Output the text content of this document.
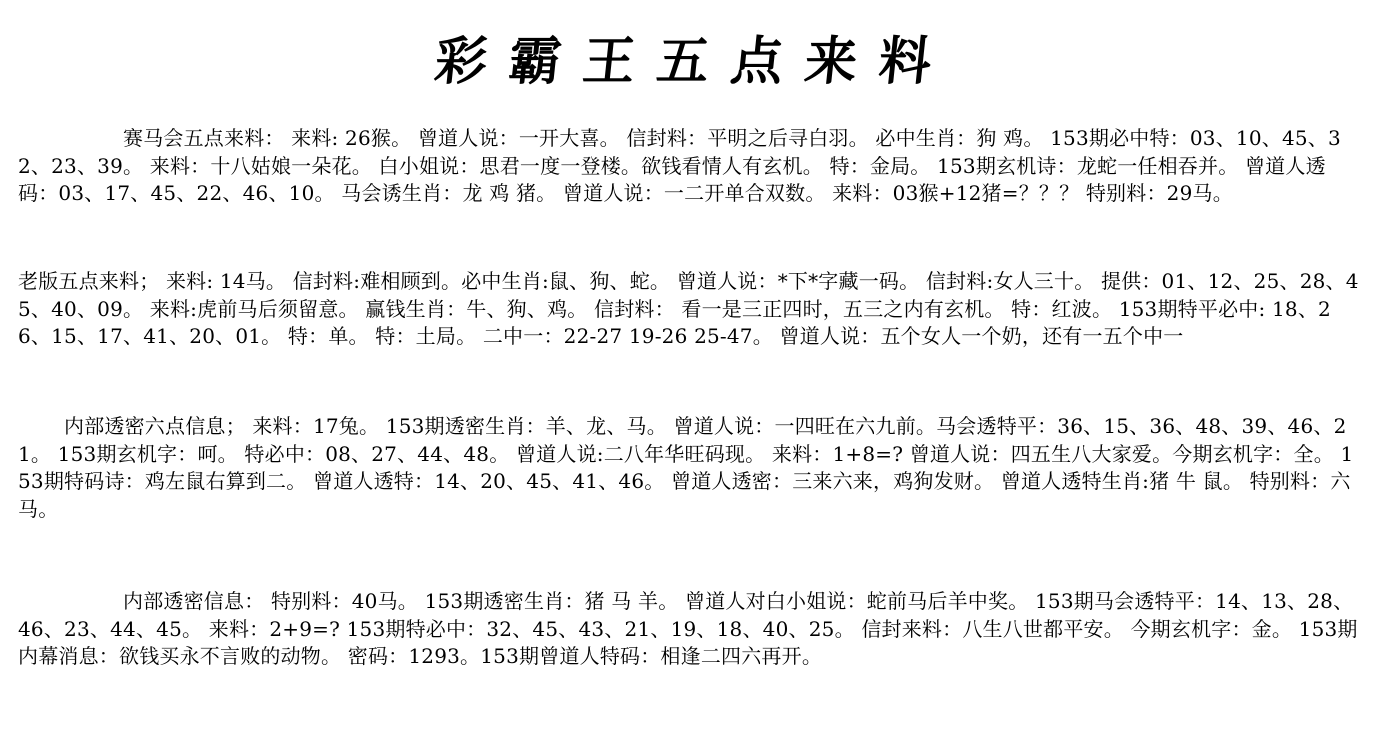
彩霸王五点来料
赛马会五点来料： 来料: 26猴。 曾道人说：一开大喜。 信封料：平明之后寻白羽。 必中生肖：狗 鸡。 153期必中特：03、10、45、32、23、39。 来料：十八姑娘一朵花。 白小姐说：思君一度一登楼。欲钱看情人有玄机。 特：金局。 153期玄机诗：龙蛇一任相吞并。 曾道人透码：03、17、45、22、46、10。 马会诱生肖：龙 鸡 猪。 曾道人说：一二开单合双数。 来料：03猴+12猪=？？？ 特别料：29马。
老版五点来料； 来料: 14马。 信封料:难相顾到。必中生肖:鼠、狗、蛇。 曾道人说：*下*字藏一码。 信封料:女人三十。 提供：01、12、25、28、45、40、09。 来料:虎前马后须留意。 赢钱生肖：牛、狗、鸡。 信封料： 看一是三正四时，五三之内有玄机。 特：红波。 153期特平必中: 18、26、15、17、41、20、01。 特：单。 特：土局。 二中一：22-27 19-26 25-47。 曾道人说：五个女人一个奶，还有一五个中一
内部透密六点信息； 来料：17兔。 153期透密生肖：羊、龙、马。 曾道人说：一四旺在六九前。马会透特平：36、15、36、48、39、46、21。 153期玄机字：呵。 特必中：08、27、44、48。 曾道人说:二八年华旺码现。 来料：1+8=? 曾道人说：四五生八大家爱。今期玄机字：全。 153期特码诗：鸡左鼠右算到二。 曾道人透特：14、20、45、41、46。 曾道人透密：三来六来，鸡狗发财。 曾道人透特生肖:猪 牛 鼠。 特别料：六马。
内部透密信息： 特别料：40马。 153期透密生肖：猪 马 羊。 曾道人对白小姐说：蛇前马后羊中奖。 153期马会透特平：14、13、28、46、23、44、45。 来料：2+9=? 153期特必中：32、45、43、21、19、18、40、25。 信封来料：八生八世都平安。 今期玄机字：金。 153期内幕消息：欲钱买永不言败的动物。 密码：1293。153期曾道人特码：相逢二四六再开。
